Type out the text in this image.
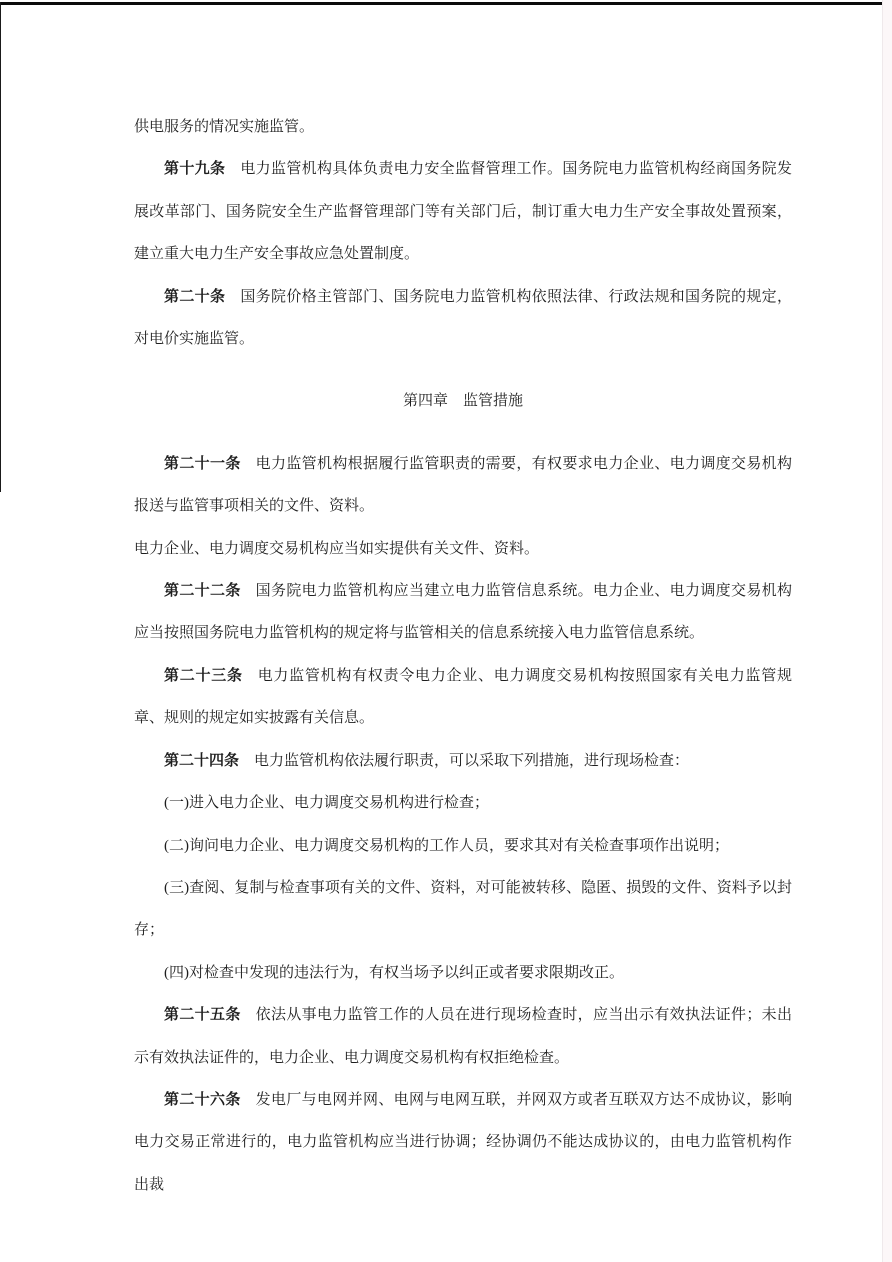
供电服务的情况实施监管。

第十九条 电力监管机构具体负责电力安全监督管理工作。国务院电力监管机构经商国务院发展改革部门、国务院安全生产监督管理部门等有关部门后，制订重大电力生产安全事故处置预案，建立重大电力生产安全事故应急处置制度。

第二十条 国务院价格主管部门、国务院电力监管机构依照法律、行政法规和国务院的规定，对电价实施监管。

第四章　监管措施

第二十一条 电力监管机构根据履行监管职责的需要，有权要求电力企业、电力调度交易机构报送与监管事项相关的文件、资料。

电力企业、电力调度交易机构应当如实提供有关文件、资料。

第二十二条 国务院电力监管机构应当建立电力监管信息系统。电力企业、电力调度交易机构应当按照国务院电力监管机构的规定将与监管相关的信息系统接入电力监管信息系统。

第二十三条 电力监管机构有权责令电力企业、电力调度交易机构按照国家有关电力监管规章、规则的规定如实披露有关信息。

第二十四条 电力监管机构依法履行职责，可以采取下列措施，进行现场检查：

(一)进入电力企业、电力调度交易机构进行检查；

(二)询问电力企业、电力调度交易机构的工作人员，要求其对有关检查事项作出说明；

(三)查阅、复制与检查事项有关的文件、资料，对可能被转移、隐匿、损毁的文件、资料予以封存；

(四)对检查中发现的违法行为，有权当场予以纠正或者要求限期改正。

第二十五条 依法从事电力监管工作的人员在进行现场检查时，应当出示有效执法证件；未出示有效执法证件的，电力企业、电力调度交易机构有权拒绝检查。

第二十六条 发电厂与电网并网、电网与电网互联，并网双方或者互联双方达不成协议，影响电力交易正常进行的，电力监管机构应当进行协调；经协调仍不能达成协议的，由电力监管机构作出裁
